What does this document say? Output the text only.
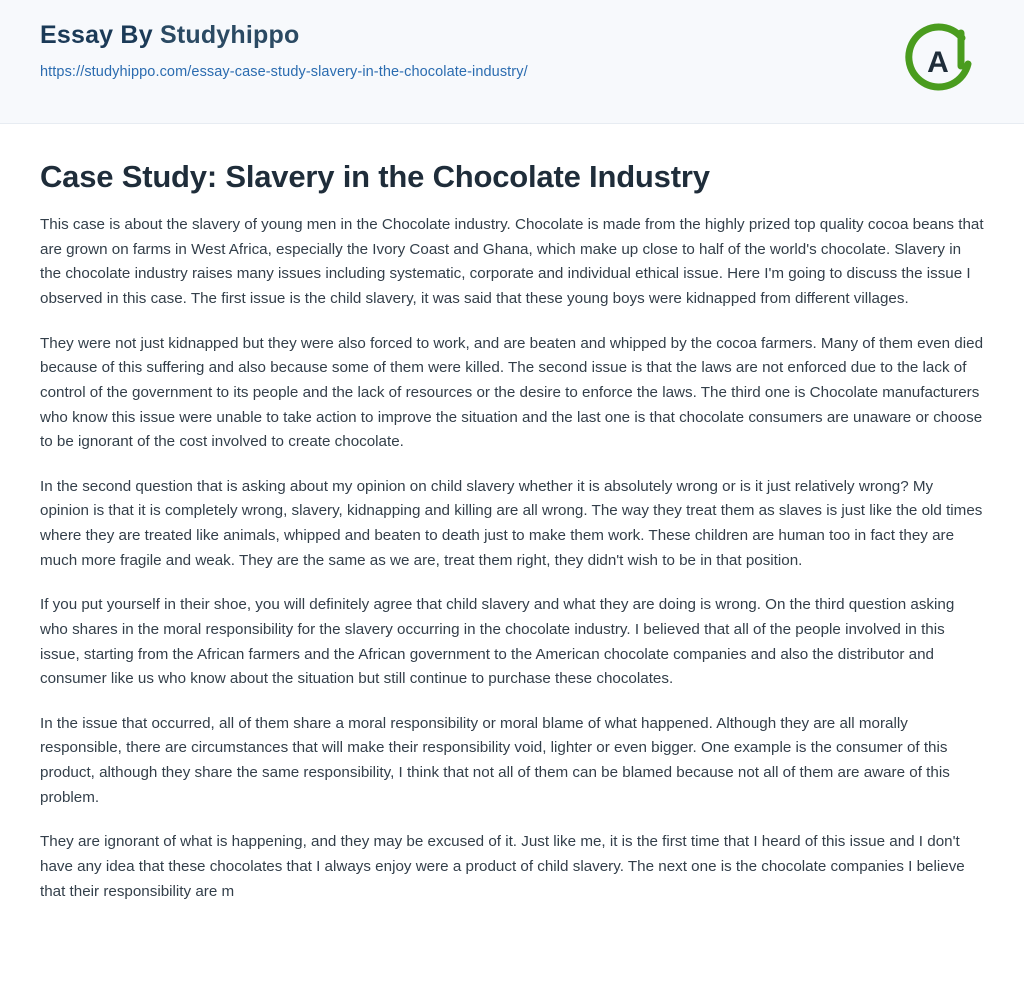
Essay By Studyhippo
https://studyhippo.com/essay-case-study-slavery-in-the-chocolate-industry/	A
Case Study: Slavery in the Chocolate Industry

This case is about the slavery of young men in the Chocolate industry. Chocolate is made from the highly prized top quality cocoa beans that are grown on farms in West Africa, especially the Ivory Coast and Ghana, which make up close to half of the world's chocolate. Slavery in the chocolate industry raises many issues including systematic, corporate and individual ethical issue. Here I'm going to discuss the issue I observed in this case. The first issue is the child slavery, it was said that these young boys were kidnapped from different villages.

They were not just kidnapped but they were also forced to work, and are beaten and whipped by the cocoa farmers. Many of them even died because of this suffering and also because some of them were killed. The second issue is that the laws are not enforced due to the lack of control of the government to its people and the lack of resources or the desire to enforce the laws. The third one is Chocolate manufacturers who know this issue were unable to take action to improve the situation and the last one is that chocolate consumers are unaware or choose to be ignorant of the cost involved to create chocolate.

In the second question that is asking about my opinion on child slavery whether it is absolutely wrong or is it just relatively wrong? My opinion is that it is completely wrong, slavery, kidnapping and killing are all wrong. The way they treat them as slaves is just like the old times where they are treated like animals, whipped and beaten to death just to make them work. These children are human too in fact they are much more fragile and weak. They are the same as we are, treat them right, they didn't wish to be in that position.

If you put yourself in their shoe, you will definitely agree that child slavery and what they are doing is wrong. On the third question asking who shares in the moral responsibility for the slavery occurring in the chocolate industry. I believed that all of the people involved in this issue, starting from the African farmers and the African government to the American chocolate companies and also the distributor and consumer like us who know about the situation but still continue to purchase these chocolates.

In the issue that occurred, all of them share a moral responsibility or moral blame of what happened. Although they are all morally responsible, there are circumstances that will make their responsibility void, lighter or even bigger. One example is the consumer of this product, although they share the same responsibility, I think that not all of them can be blamed because not all of them are aware of this problem.

They are ignorant of what is happening, and they may be excused of it. Just like me, it is the first time that I heard of this issue and I don't have any idea that these chocolates that I always enjoy were a product of child slavery. The next one is the chocolate companies I believe that their responsibility are m
